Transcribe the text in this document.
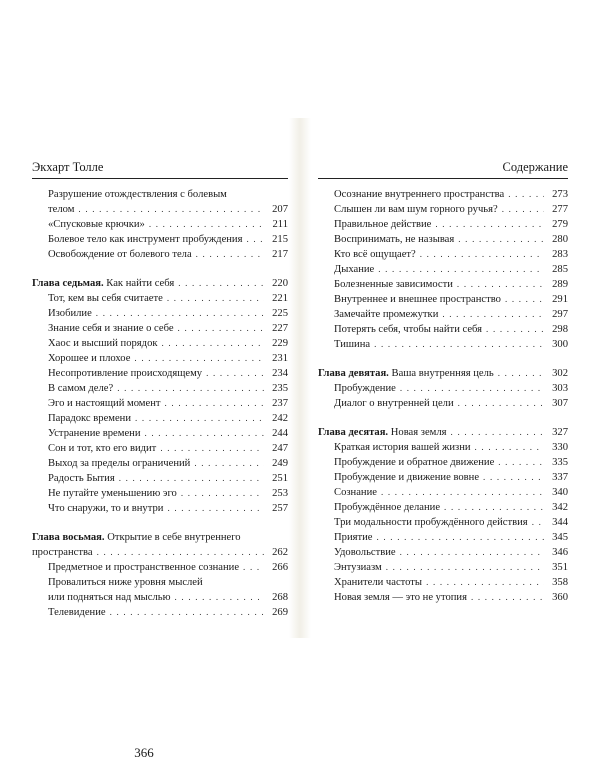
Экхарт Толле
Разрушение отождествления с болевым
телом . . .	207
«Спусковые крючки» . . .	211
Болевое тело как инструмент пробуждения . . .	215
Освобождение от болевого тела . . .	217
Глава седьмая. Как найти себя . . .	220
Тот, кем вы себя считаете . . .	221
Изобилие . . .	225
Знание себя и знание о себе . . .	227
Хаос и высший порядок . . .	229
Хорошее и плохое . . .	231
Несопротивление происходящему . . .	234
В самом деле? . . .	235
Эго и настоящий момент . . .	237
Парадокс времени . . .	242
Устранение времени . . .	244
Сон и тот, кто его видит . . .	247
Выход за пределы ограничений . . .	249
Радость Бытия . . .	251
Не путайте уменьшению эго . . .	253
Что снаружи, то и внутри . . .	257
Глава восьмая. Открытие в себе внутреннего
пространства . . .	262
Предметное и пространственное сознание . . .	266
Провалиться ниже уровня мыслей
или подняться над мыслью . . .	268
Телевидение . . .	269
366
Содержание
Осознание внутреннего пространства . . .	273
Слышен ли вам шум горного ручья? . . .	277
Правильное действие . . .	279
Воспринимать, не называя . . .	280
Кто всё ощущает? . . .	283
Дыхание . . .	285
Болезненные зависимости . . .	289
Внутреннее и внешнее пространство . . .	291
Замечайте промежутки . . .	297
Потерять себя, чтобы найти себя . . .	298
Тишина . . .	300
Глава девятая. Ваша внутренняя цель . . .	302
Пробуждение . . .	303
Диалог о внутренней цели . . .	307
Глава десятая. Новая земля . . .	327
Краткая история вашей жизни . . .	330
Пробуждение и обратное движение . . .	335
Пробуждение и движение вовне . . .	337
Сознание . . .	340
Пробуждённое делание . . .	342
Три модальности пробуждённого действия . . .	344
Приятие . . .	345
Удовольствие . . .	346
Энтузиазм . . .	351
Хранители частоты . . .	358
Новая земля — это не утопия . . .	360
